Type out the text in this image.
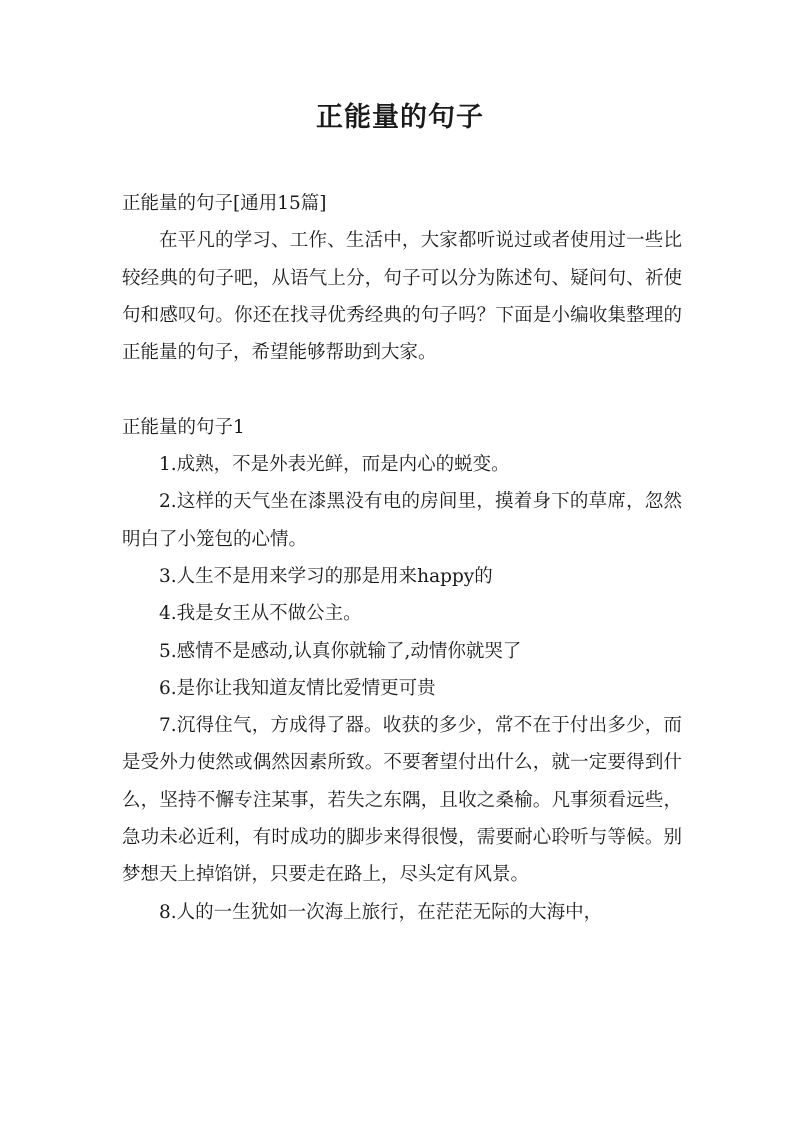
正能量的句子

正能量的句子[通用15篇]

在平凡的学习、工作、生活中，大家都听说过或者使用过一些比较经典的句子吧，从语气上分，句子可以分为陈述句、疑问句、祈使句和感叹句。你还在找寻优秀经典的句子吗？下面是小编收集整理的正能量的句子，希望能够帮助到大家。

正能量的句子1

1.成熟，不是外表光鲜，而是内心的蜕变。

2.这样的天气坐在漆黑没有电的房间里，摸着身下的草席，忽然明白了小笼包的心情。

3.人生不是用来学习的那是用来happy的

4.我是女王从不做公主。

5.感情不是感动,认真你就输了,动情你就哭了

6.是你让我知道友情比爱情更可贵

7.沉得住气，方成得了器。收获的多少，常不在于付出多少，而是受外力使然或偶然因素所致。不要奢望付出什么，就一定要得到什么，坚持不懈专注某事，若失之东隅，且收之桑榆。凡事须看远些，急功未必近利，有时成功的脚步来得很慢，需要耐心聆听与等候。别梦想天上掉馅饼，只要走在路上，尽头定有风景。

8.人的一生犹如一次海上旅行，在茫茫无际的大海中，
